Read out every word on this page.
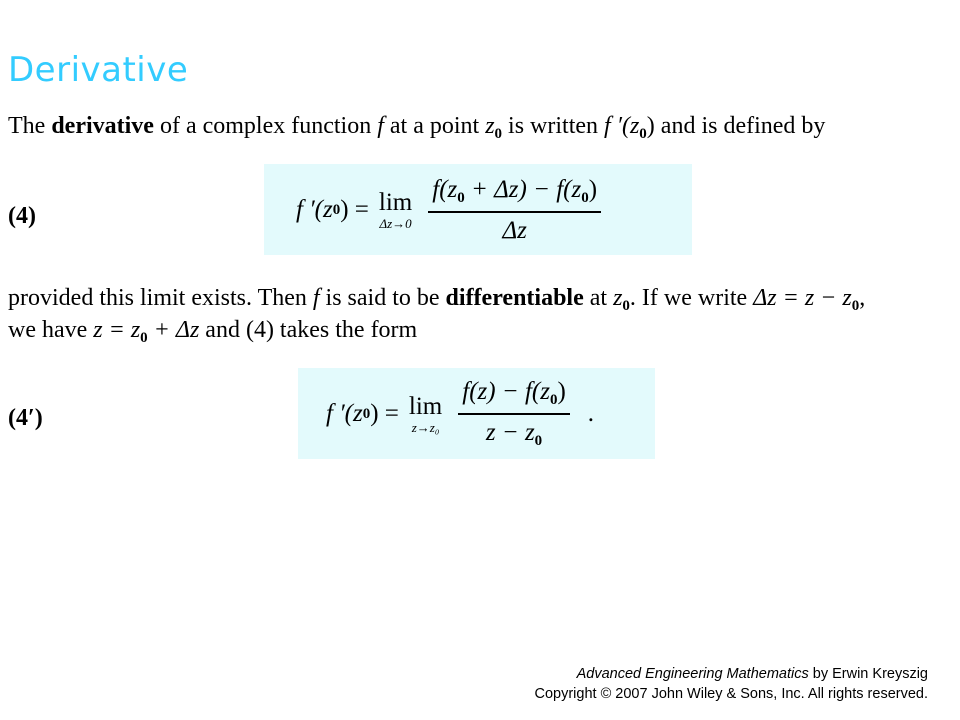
Derivative
The derivative of a complex function f at a point $z_0$ is written f $'(z_0)$ and is defined by
(4)	f ′(z 0 ) = lim
$\Delta z\to 0 \frac{f(z_0 + \Delta z) - f(z_0)}{\Delta z}$
provided this limit exists. Then f is said to be differentiable at $z_0$. If we write $\Delta z = z - z_0$,
we have $z = z_0 + \Delta z$ and (4) takes the form
(4′)	f ′(z 0 ) = lim
$z\to z_0 \frac{f(z) - f(z_0)}{z - z_0}$ .
Advanced Engineering Mathematics by Erwin Kreyszig
Copyright © 2007 John Wiley & Sons, Inc. All rights reserved.
